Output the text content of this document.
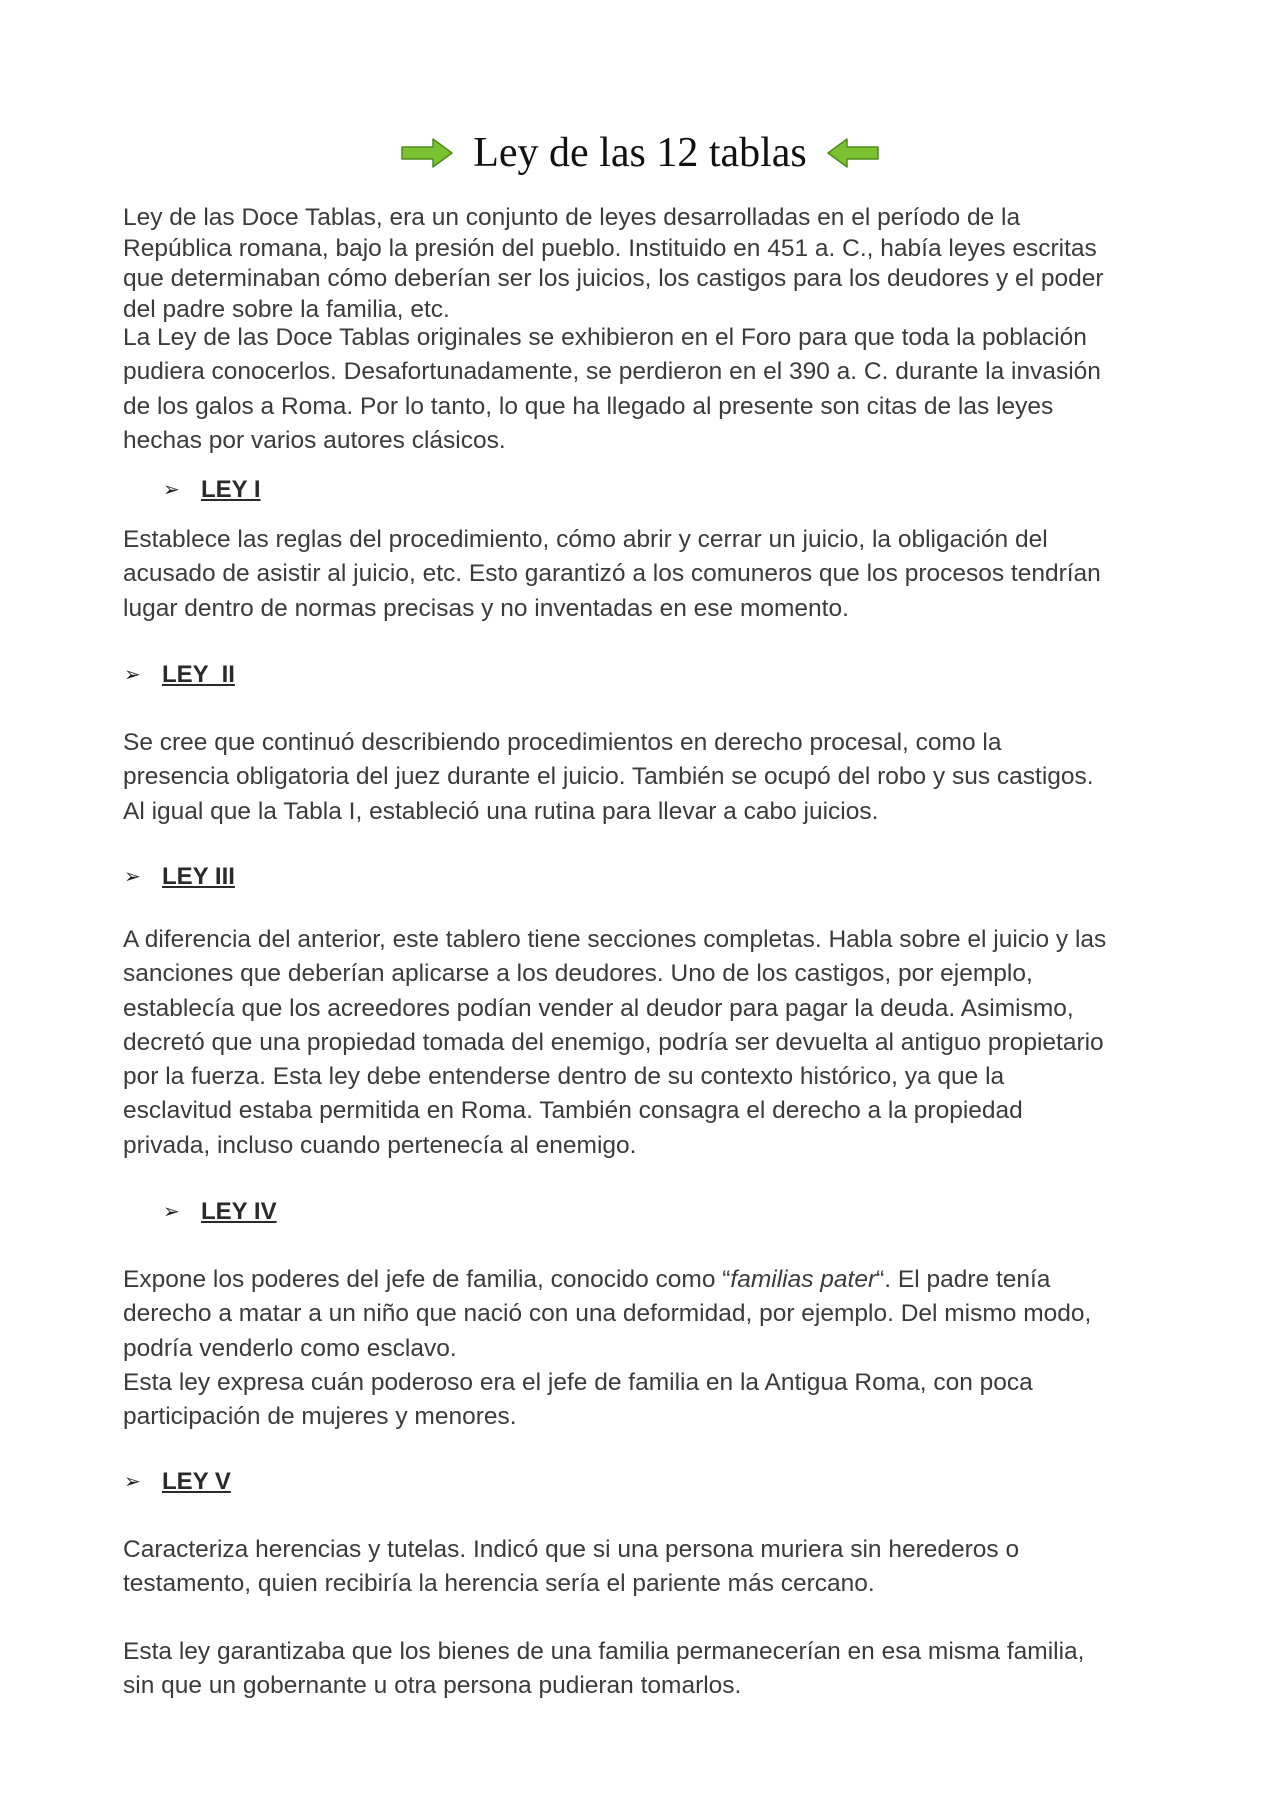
Ley de las 12 tablas
Ley de las Doce Tablas, era un conjunto de leyes desarrolladas en el período de la
República romana, bajo la presión del pueblo. Instituido en 451 a. C., había leyes escritas
que determinaban cómo deberían ser los juicios, los castigos para los deudores y el poder
del padre sobre la familia, etc.
La Ley de las Doce Tablas originales se exhibieron en el Foro para que toda la población
pudiera conocerlos. Desafortunadamente, se perdieron en el 390 a. C. durante la invasión
de los galos a Roma. Por lo tanto, lo que ha llegado al presente son citas de las leyes
hechas por varios autores clásicos.
➢ LEY I
Establece las reglas del procedimiento, cómo abrir y cerrar un juicio, la obligación del
acusado de asistir al juicio, etc. Esto garantizó a los comuneros que los procesos tendrían
lugar dentro de normas precisas y no inventadas en ese momento.
➢ LEY  II
Se cree que continuó describiendo procedimientos en derecho procesal, como la
presencia obligatoria del juez durante el juicio. También se ocupó del robo y sus castigos.
Al igual que la Tabla I, estableció una rutina para llevar a cabo juicios.
➢ LEY III
A diferencia del anterior, este tablero tiene secciones completas. Habla sobre el juicio y las
sanciones que deberían aplicarse a los deudores. Uno de los castigos, por ejemplo,
establecía que los acreedores podían vender al deudor para pagar la deuda. Asimismo,
decretó que una propiedad tomada del enemigo, podría ser devuelta al antiguo propietario
por la fuerza. Esta ley debe entenderse dentro de su contexto histórico, ya que la
esclavitud estaba permitida en Roma. También consagra el derecho a la propiedad
privada, incluso cuando pertenecía al enemigo.
➢ LEY IV
Expone los poderes del jefe de familia, conocido como “familias pater“. El padre tenía
derecho a matar a un niño que nació con una deformidad, por ejemplo. Del mismo modo,
podría venderlo como esclavo.
Esta ley expresa cuán poderoso era el jefe de familia en la Antigua Roma, con poca
participación de mujeres y menores.
➢ LEY V
Caracteriza herencias y tutelas. Indicó que si una persona muriera sin herederos o
testamento, quien recibiría la herencia sería el pariente más cercano.
Esta ley garantizaba que los bienes de una familia permanecerían en esa misma familia,
sin que un gobernante u otra persona pudieran tomarlos.
